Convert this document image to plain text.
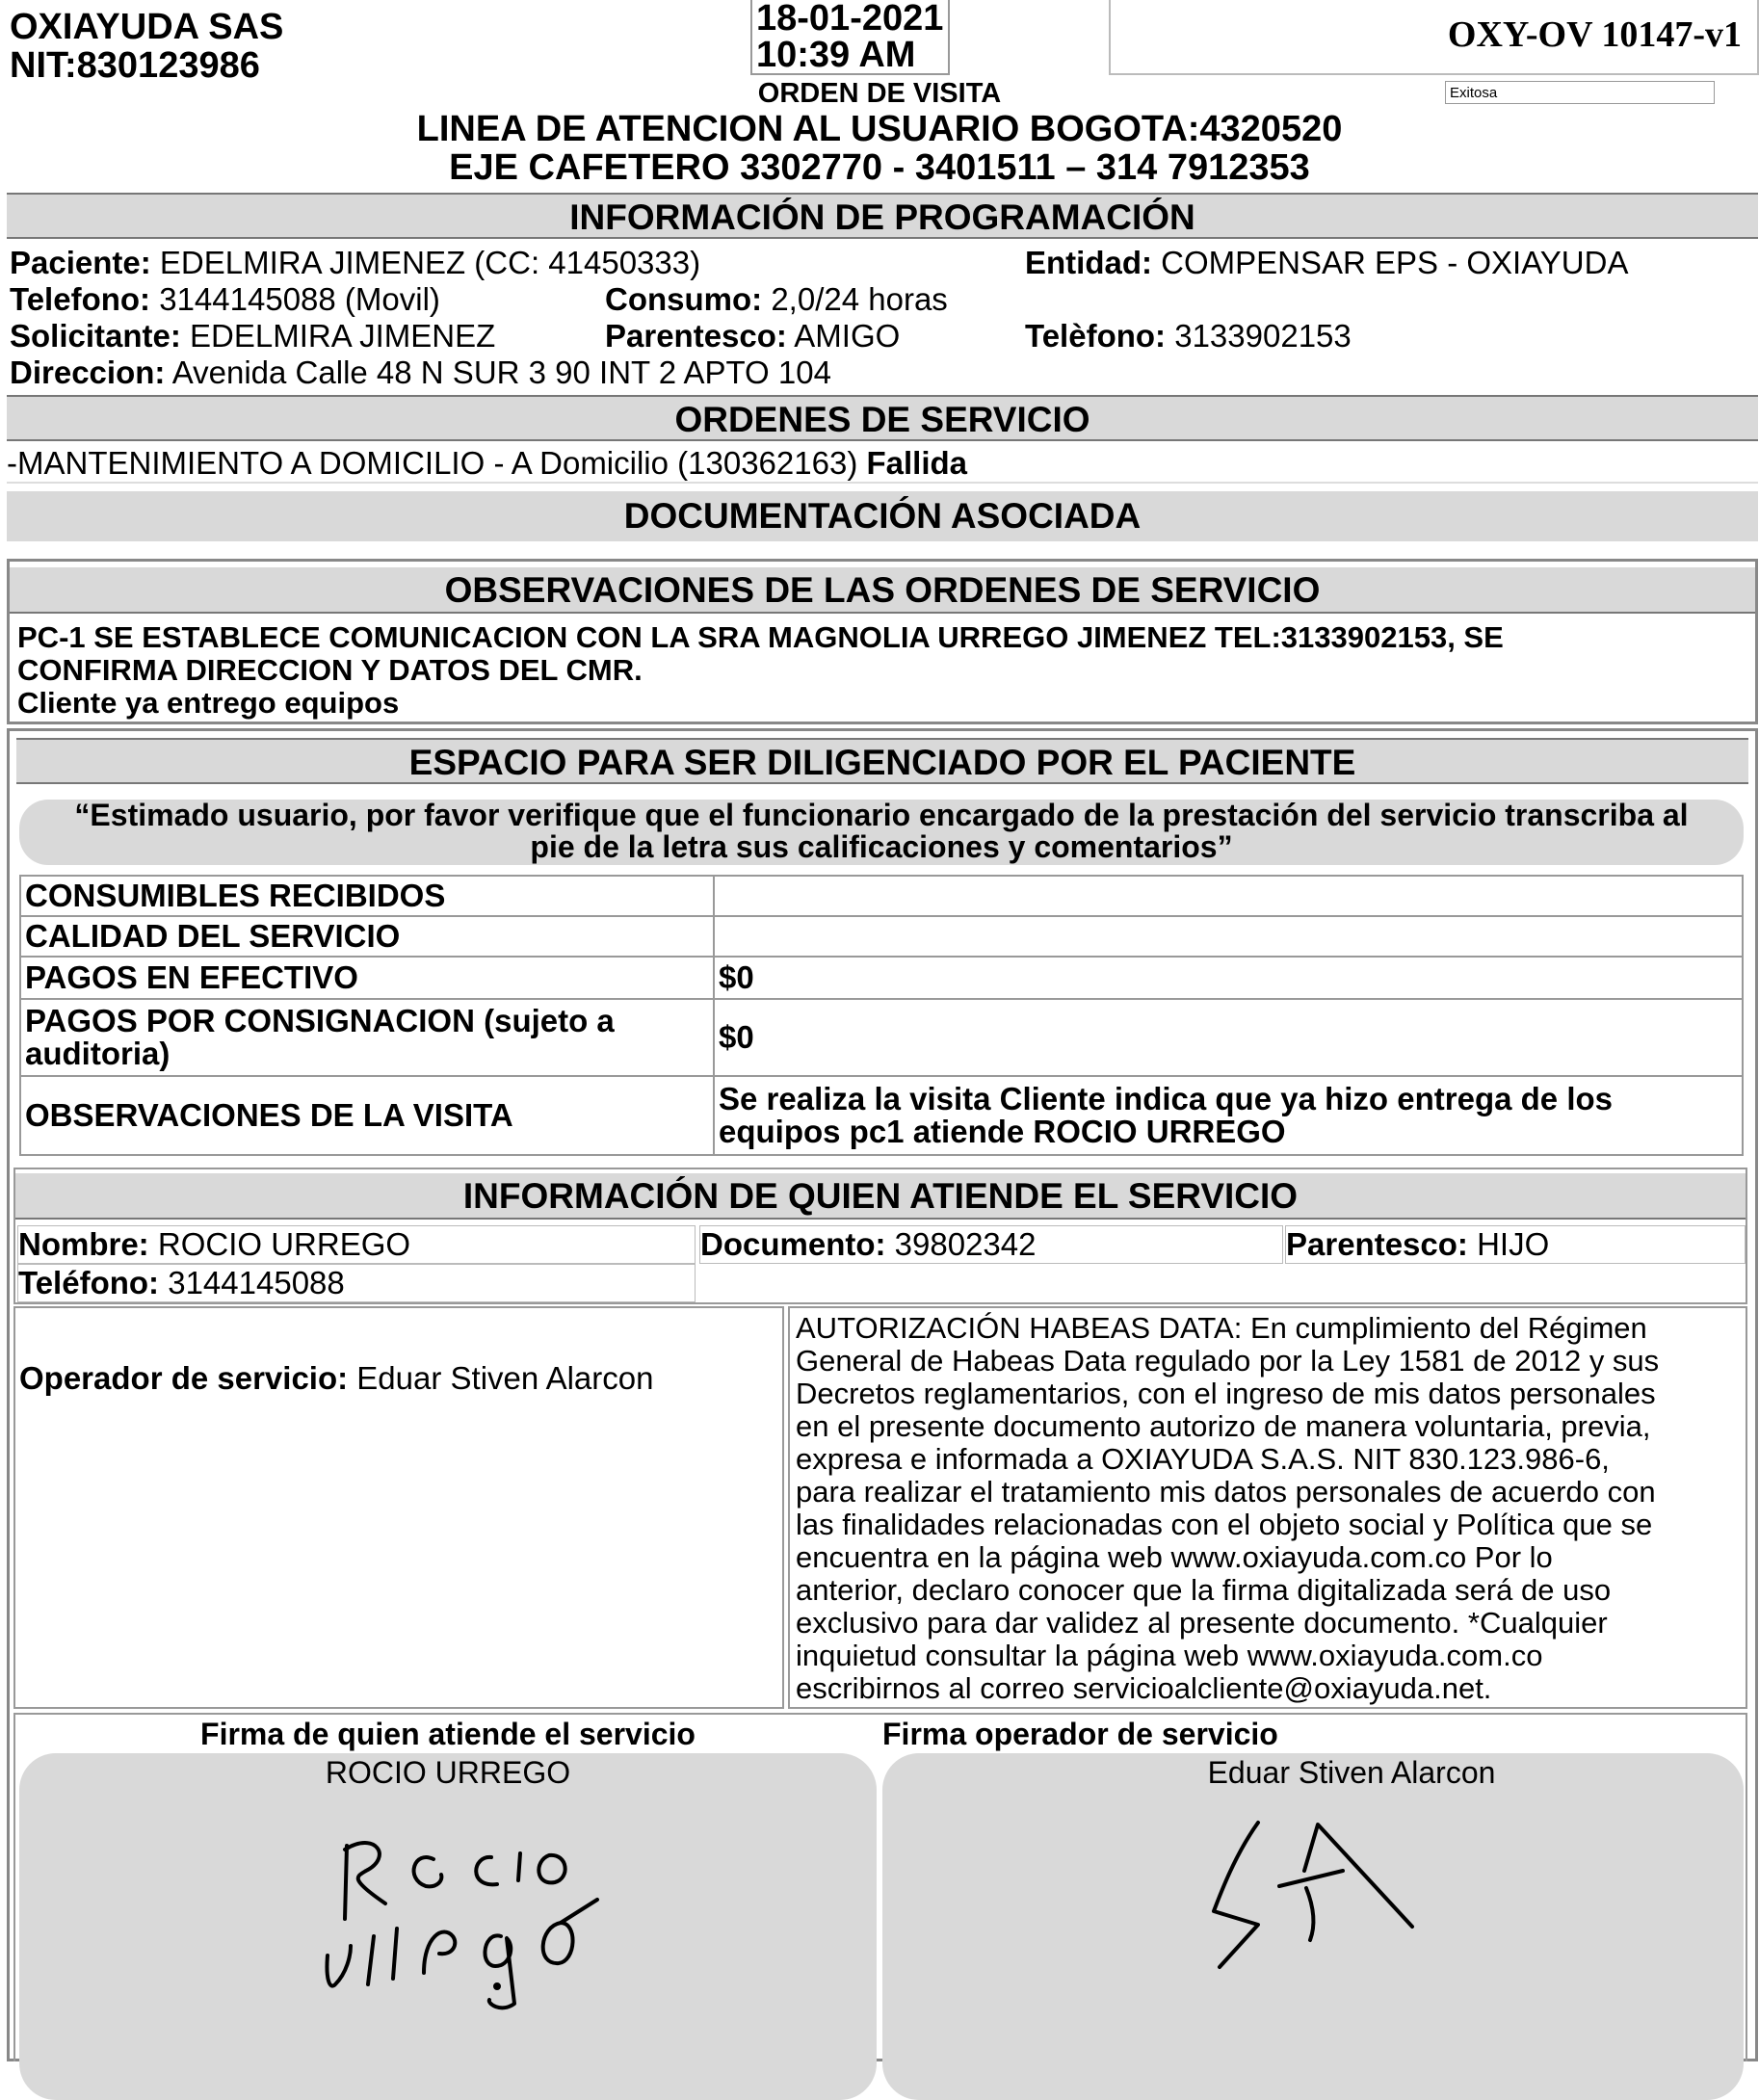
OXIAYUDA SAS
NIT:830123986
18-01-2021
10:39 AM	OXY-OV 10147-v1
Exitosa
ORDEN DE VISITA
LINEA DE ATENCION AL USUARIO BOGOTA:4320520
EJE CAFETERO 3302770 - 3401511 – 314 7912353
INFORMACIÓN DE PROGRAMACIÓN
Paciente: EDELMIRA JIMENEZ (CC: 41450333)	Entidad: COMPENSAR EPS - OXIAYUDA
Telefono: 3144145088 (Movil)	Consumo: 2,0/24 horas
Solicitante: EDELMIRA JIMENEZ	Parentesco: AMIGO	Telèfono: 3133902153
Direccion: Avenida Calle 48 N SUR 3 90 INT 2 APTO 104
ORDENES DE SERVICIO
-MANTENIMIENTO A DOMICILIO - A Domicilio (130362163) Fallida
DOCUMENTACIÓN ASOCIADA
OBSERVACIONES DE LAS ORDENES DE SERVICIO
PC-1 SE ESTABLECE COMUNICACION CON LA SRA MAGNOLIA URREGO JIMENEZ TEL:3133902153, SE
CONFIRMA DIRECCION Y DATOS DEL CMR.
Cliente ya entrego equipos
ESPACIO PARA SER DILIGENCIADO POR EL PACIENTE
“Estimado usuario, por favor verifique que el funcionario encargado de la prestación del servicio transcriba al
pie de la letra sus calificaciones y comentarios”
CONSUMIBLES RECIBIDOS	
CALIDAD DEL SERVICIO	
PAGOS EN EFECTIVO	$0
PAGOS POR CONSIGNACION (sujeto a auditoria)	$0
OBSERVACIONES DE LA VISITA	Se realiza la visita Cliente indica que ya hizo entrega de los equipos pc1 atiende ROCIO URREGO
INFORMACIÓN DE QUIEN ATIENDE EL SERVICIO
Nombre: ROCIO URREGO	Documento: 39802342	Parentesco: HIJO
Teléfono: 3144145088
Operador de servicio: Eduar Stiven Alarcon
AUTORIZACIÓN HABEAS DATA: En cumplimiento del Régimen
General de Habeas Data regulado por la Ley 1581 de 2012 y sus
Decretos reglamentarios, con el ingreso de mis datos personales
en el presente documento autorizo de manera voluntaria, previa,
expresa e informada a OXIAYUDA S.A.S. NIT 830.123.986-6,
para realizar el tratamiento mis datos personales de acuerdo con
las finalidades relacionadas con el objeto social y Política que se
encuentra en la página web www.oxiayuda.com.co Por lo
anterior, declaro conocer que la firma digitalizada será de uso
exclusivo para dar validez al presente documento. *Cualquier
inquietud consultar la página web www.oxiayuda.com.co
escribirnos al correo servicioalcliente@oxiayuda.net.
Firma de quien atiende el servicio	Firma operador de servicio
ROCIO URREGO	Eduar Stiven Alarcon
